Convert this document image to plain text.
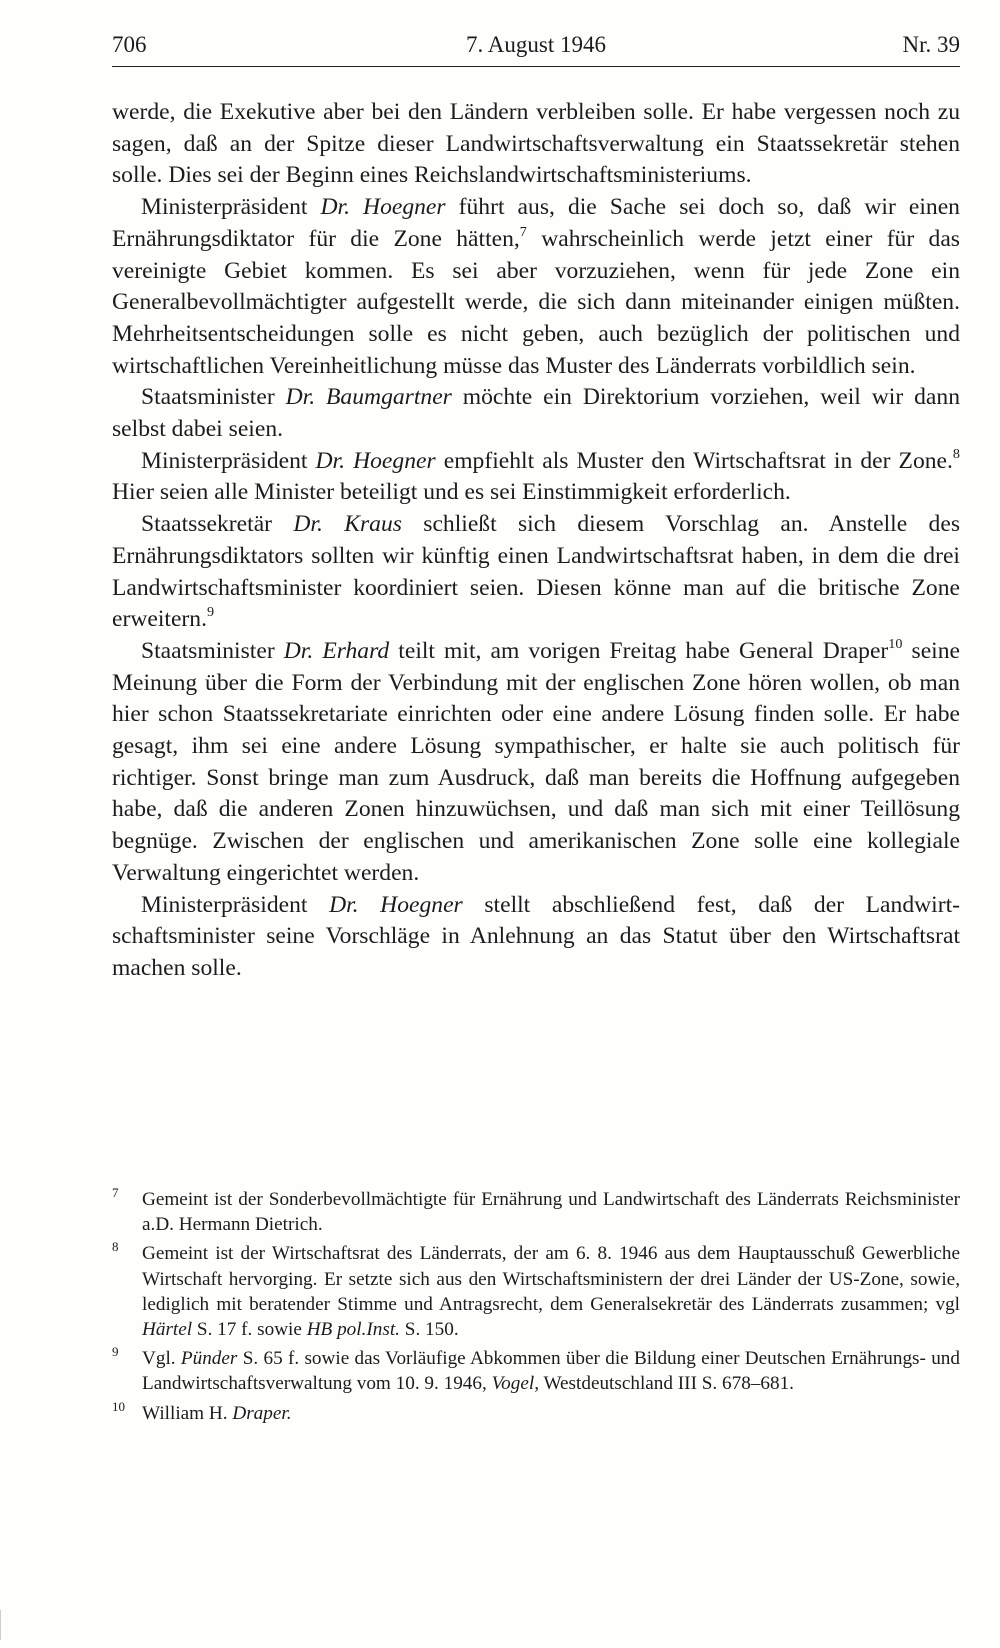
706	7. August 1946	Nr. 39

werde, die Exekutive aber bei den Ländern verbleiben solle. Er habe vergessen noch zu sagen, daß an der Spitze dieser Landwirtschaftsverwaltung ein Staatssekretär stehen solle. Dies sei der Beginn eines Reichslandwirtschaftsministeriums.

Ministerpräsident Dr. Hoegner führt aus, die Sache sei doch so, daß wir einen Ernährungsdiktator für die Zone hätten,$^7$ wahrscheinlich werde jetzt einer für das vereinigte Gebiet kommen. Es sei aber vorzuziehen, wenn für jede Zone ein Generalbevollmächtigter aufgestellt werde, die sich dann miteinander einigen müßten. Mehrheitsentscheidungen solle es nicht geben, auch bezüglich der politischen und wirtschaftlichen Vereinheitlichung müsse das Muster des Länderrats vorbildlich sein.

Staatsminister Dr. Baumgartner möchte ein Direktorium vorziehen, weil wir dann selbst dabei seien.

Ministerpräsident Dr. Hoegner empfiehlt als Muster den Wirtschaftsrat in der Zone.$^8$ Hier seien alle Minister beteiligt und es sei Einstimmigkeit erforderlich.

Staatssekretär Dr. Kraus schließt sich diesem Vorschlag an. Anstelle des Ernährungsdiktators sollten wir künftig einen Landwirtschaftsrat haben, in dem die drei Landwirtschaftsminister koordiniert seien. Diesen könne man auf die britische Zone erweitern.$^9$

Staatsminister Dr. Erhard teilt mit, am vorigen Freitag habe General Draper$^{10}$ seine Meinung über die Form der Verbindung mit der englischen Zone hören wollen, ob man hier schon Staatssekretariate einrichten oder eine andere Lösung finden solle. Er habe gesagt, ihm sei eine andere Lösung sympathischer, er halte sie auch politisch für richtiger. Sonst bringe man zum Ausdruck, daß man bereits die Hoffnung aufgegeben habe, daß die anderen Zonen hinzuwüchsen, und daß man sich mit einer Teillösung begnüge. Zwischen der englischen und amerikanischen Zone solle eine kollegiale Verwaltung eingerichtet werden.

Ministerpräsident Dr. Hoegner stellt abschließend fest, daß der Landwirtschaftsminister seine Vorschläge in Anlehnung an das Statut über den Wirtschaftsrat machen solle.

7 Gemeint ist der Sonderbevollmächtigte für Ernährung und Landwirtschaft des Länderrats Reichsminister a.D. Hermann Dietrich.
8 Gemeint ist der Wirtschaftsrat des Länderrats, der am 6. 8. 1946 aus dem Hauptausschuß Gewerbliche Wirtschaft hervorging. Er setzte sich aus den Wirtschaftsministern der drei Länder der US-Zone, sowie, lediglich mit beratender Stimme und Antragsrecht, dem Generalsekretär des Länderrats zusammen; vgl Härtel S. 17 f. sowie HB pol.Inst. S. 150.
9 Vgl. Pünder S. 65 f. sowie das Vorläufige Abkommen über die Bildung einer Deutschen Ernährungs- und Landwirtschaftsverwaltung vom 10. 9. 1946, Vogel, Westdeutschland III S. 678–681.
10 William H. Draper.
